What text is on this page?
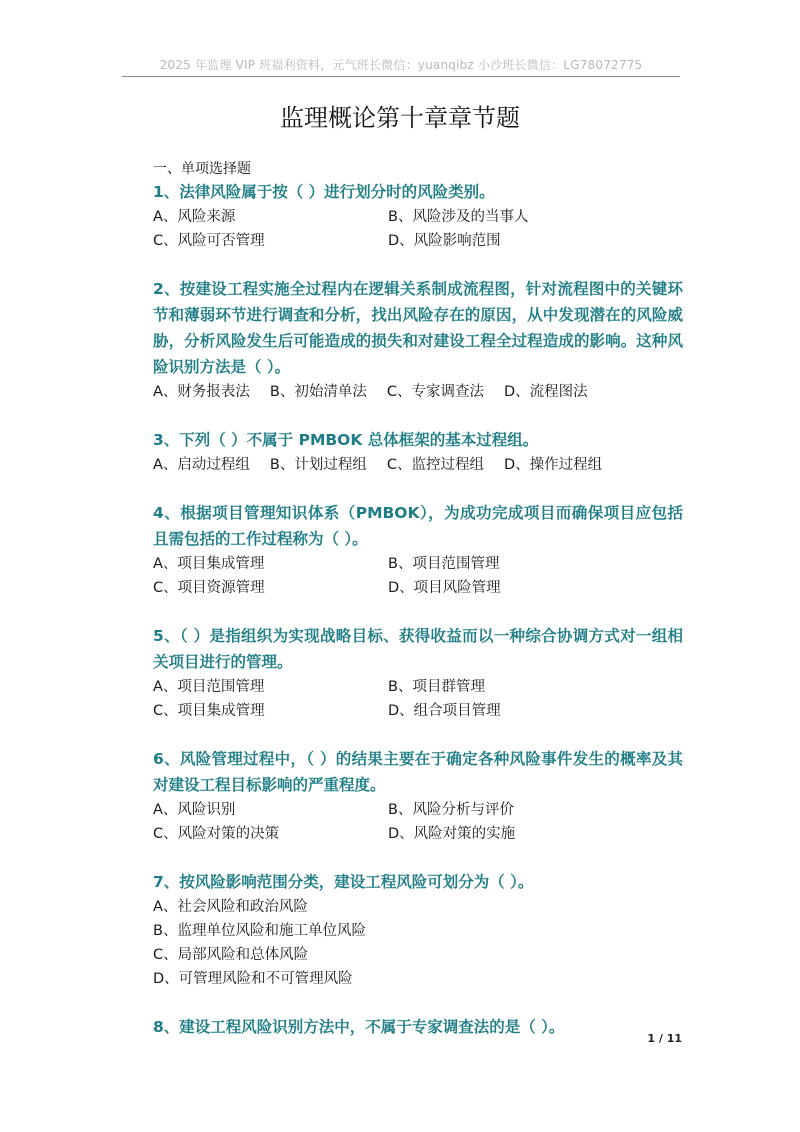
2025 年监理 VIP 班福利资料，元气班长微信：yuanqibz 小沙班长微信：LG78072775
监理概论第十章章节题
一、单项选择题
1、法律风险属于按（ ）进行划分时的风险类别。
A、风险来源	B、风险涉及的当事人
C、风险可否管理	D、风险影响范围
2、按建设工程实施全过程内在逻辑关系制成流程图，针对流程图中的关键环节和薄弱环节进行调查和分析，找出风险存在的原因，从中发现潜在的风险威胁，分析风险发生后可能造成的损失和对建设工程全过程造成的影响。这种风险识别方法是（ ）。
A、财务报表法 B、初始清单法 C、专家调查法 D、流程图法
3、下列（ ）不属于 PMBOK 总体框架的基本过程组。
A、启动过程组 B、计划过程组 C、监控过程组 D、操作过程组
4、根据项目管理知识体系（PMBOK），为成功完成项目而确保项目应包括且需包括的工作过程称为（ ）。
A、项目集成管理	B、项目范围管理
C、项目资源管理	D、项目风险管理
5、（ ）是指组织为实现战略目标、获得收益而以一种综合协调方式对一组相关项目进行的管理。
A、项目范围管理	B、项目群管理
C、项目集成管理	D、组合项目管理
6、风险管理过程中，（ ）的结果主要在于确定各种风险事件发生的概率及其对建设工程目标影响的严重程度。
A、风险识别	B、风险分析与评价
C、风险对策的决策	D、风险对策的实施
7、按风险影响范围分类，建设工程风险可划分为（ ）。
A、社会风险和政治风险
B、监理单位风险和施工单位风险
C、局部风险和总体风险
D、可管理风险和不可管理风险
8、建设工程风险识别方法中，不属于专家调查法的是（ ）。
1 / 11
